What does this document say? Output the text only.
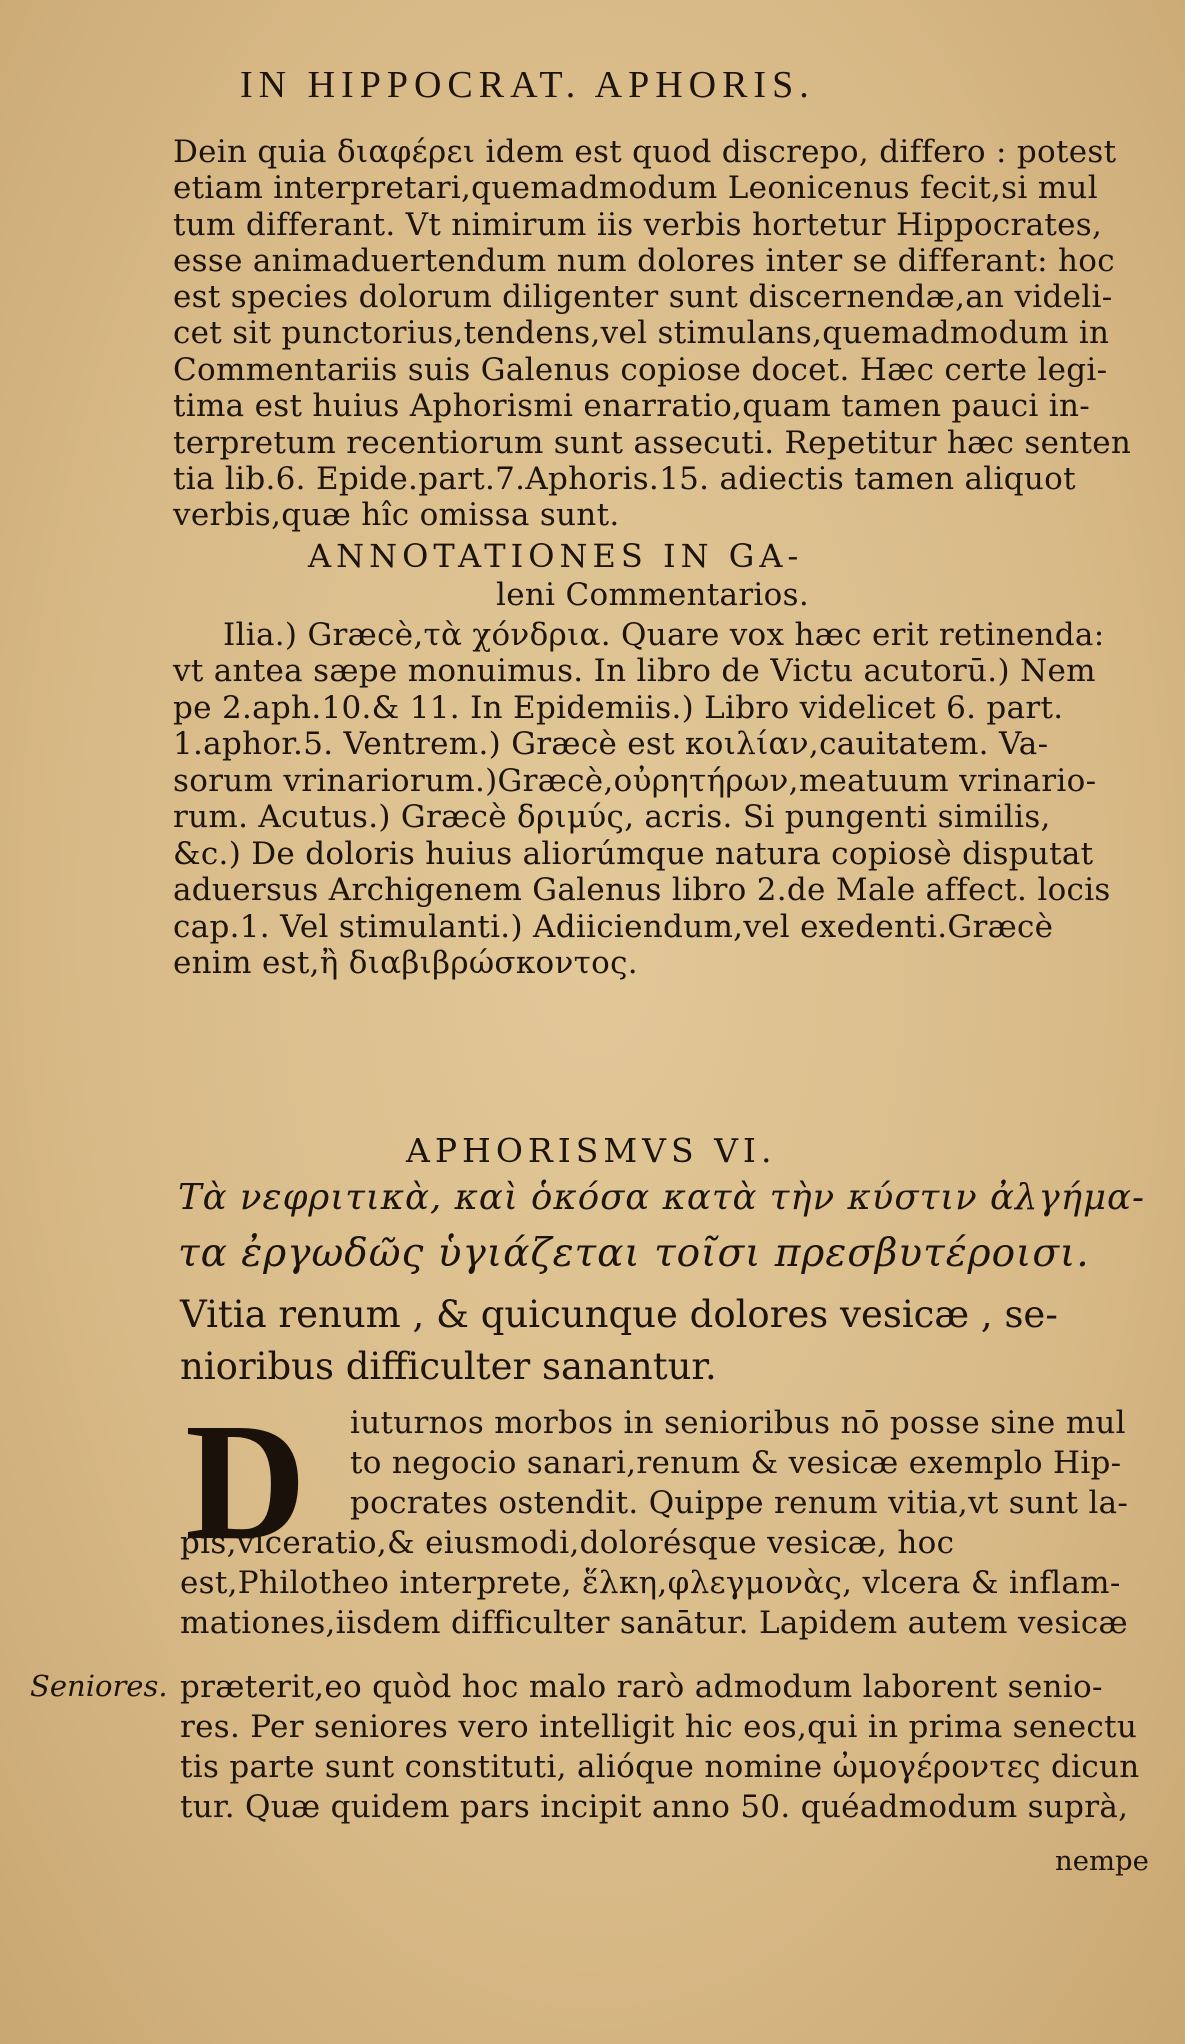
IN HIPPOCRAT. APHORIS.
Dein quia διαφέρει idem est quod discrepo, differo : potest
etiam interpretari,quemadmodum Leonicenus fecit,si mul
tum differant. Vt nimirum iis verbis hortetur Hippocrates,
esse animaduertendum num dolores inter se differant: hoc
est species dolorum diligenter sunt discernendæ,an videli-
cet sit punctorius,tendens,vel stimulans,quemadmodum in
Commentariis suis Galenus copiose docet. Hæc certe legi-
tima est huius Aphorismi enarratio,quam tamen pauci in-
terpretum recentiorum sunt assecuti. Repetitur hæc senten
tia lib.6. Epide.part.7.Aphoris.15. adiectis tamen aliquot
verbis,quæ hîc omissa sunt.
ANNOTATIONES IN GA-
leni Commentarios.
Ilia.) Græcè,τὰ χόνδρια. Quare vox hæc erit retinenda:
vt antea sæpe monuimus. In libro de Victu acutorū.) Nem
pe 2.aph.10.& 11. In Epidemiis.) Libro videlicet 6. part.
1.aphor.5. Ventrem.) Græcè est κοιλίαν,cauitatem. Va-
sorum vrinariorum.)Græcè,οὐρητήρων,meatuum vrinario-
rum. Acutus.) Græcè δριμύς, acris. Si pungenti similis,
&c.) De doloris huius aliorúmque natura copiosè disputat
aduersus Archigenem Galenus libro 2.de Male affect. locis
cap.1. Vel stimulanti.) Adiiciendum,vel exedenti.Græcè
enim est,ἢ διαβιβρώσκοντος.
APHORISMVS VI.
Τὰ νεφριτικὰ, καὶ ὁκόσα κατὰ τὴν κύστιν ἀλγήμα-
τα ἐργωδῶς ὑγιάζεται τοῖσι πρεσβυτέροισι.
Vitia renum , & quicunque dolores vesicæ , se-
nioribus difficulter sanantur.
D iuturnos morbos in senioribus nō posse sine mul
to negocio sanari,renum & vesicæ exemplo Hip-
pocrates ostendit. Quippe renum vitia,vt sunt la-
pis,vlceratio,& eiusmodi,dolorésque vesicæ, hoc
est,Philotheo interprete, ἕλκη,φλεγμονὰς, vlcera & inflam-
mationes,iisdem difficulter sanātur. Lapidem autem vesicæ
præterit,eo quòd hoc malo rarò admodum laborent senio-
res. Per seniores vero intelligit hic eos,qui in prima senectu
tis parte sunt constituti, alióque nomine ὠμογέροντες dicun
tur. Quæ quidem pars incipit anno 50. quéadmodum suprà,
Seniores.
nempe
